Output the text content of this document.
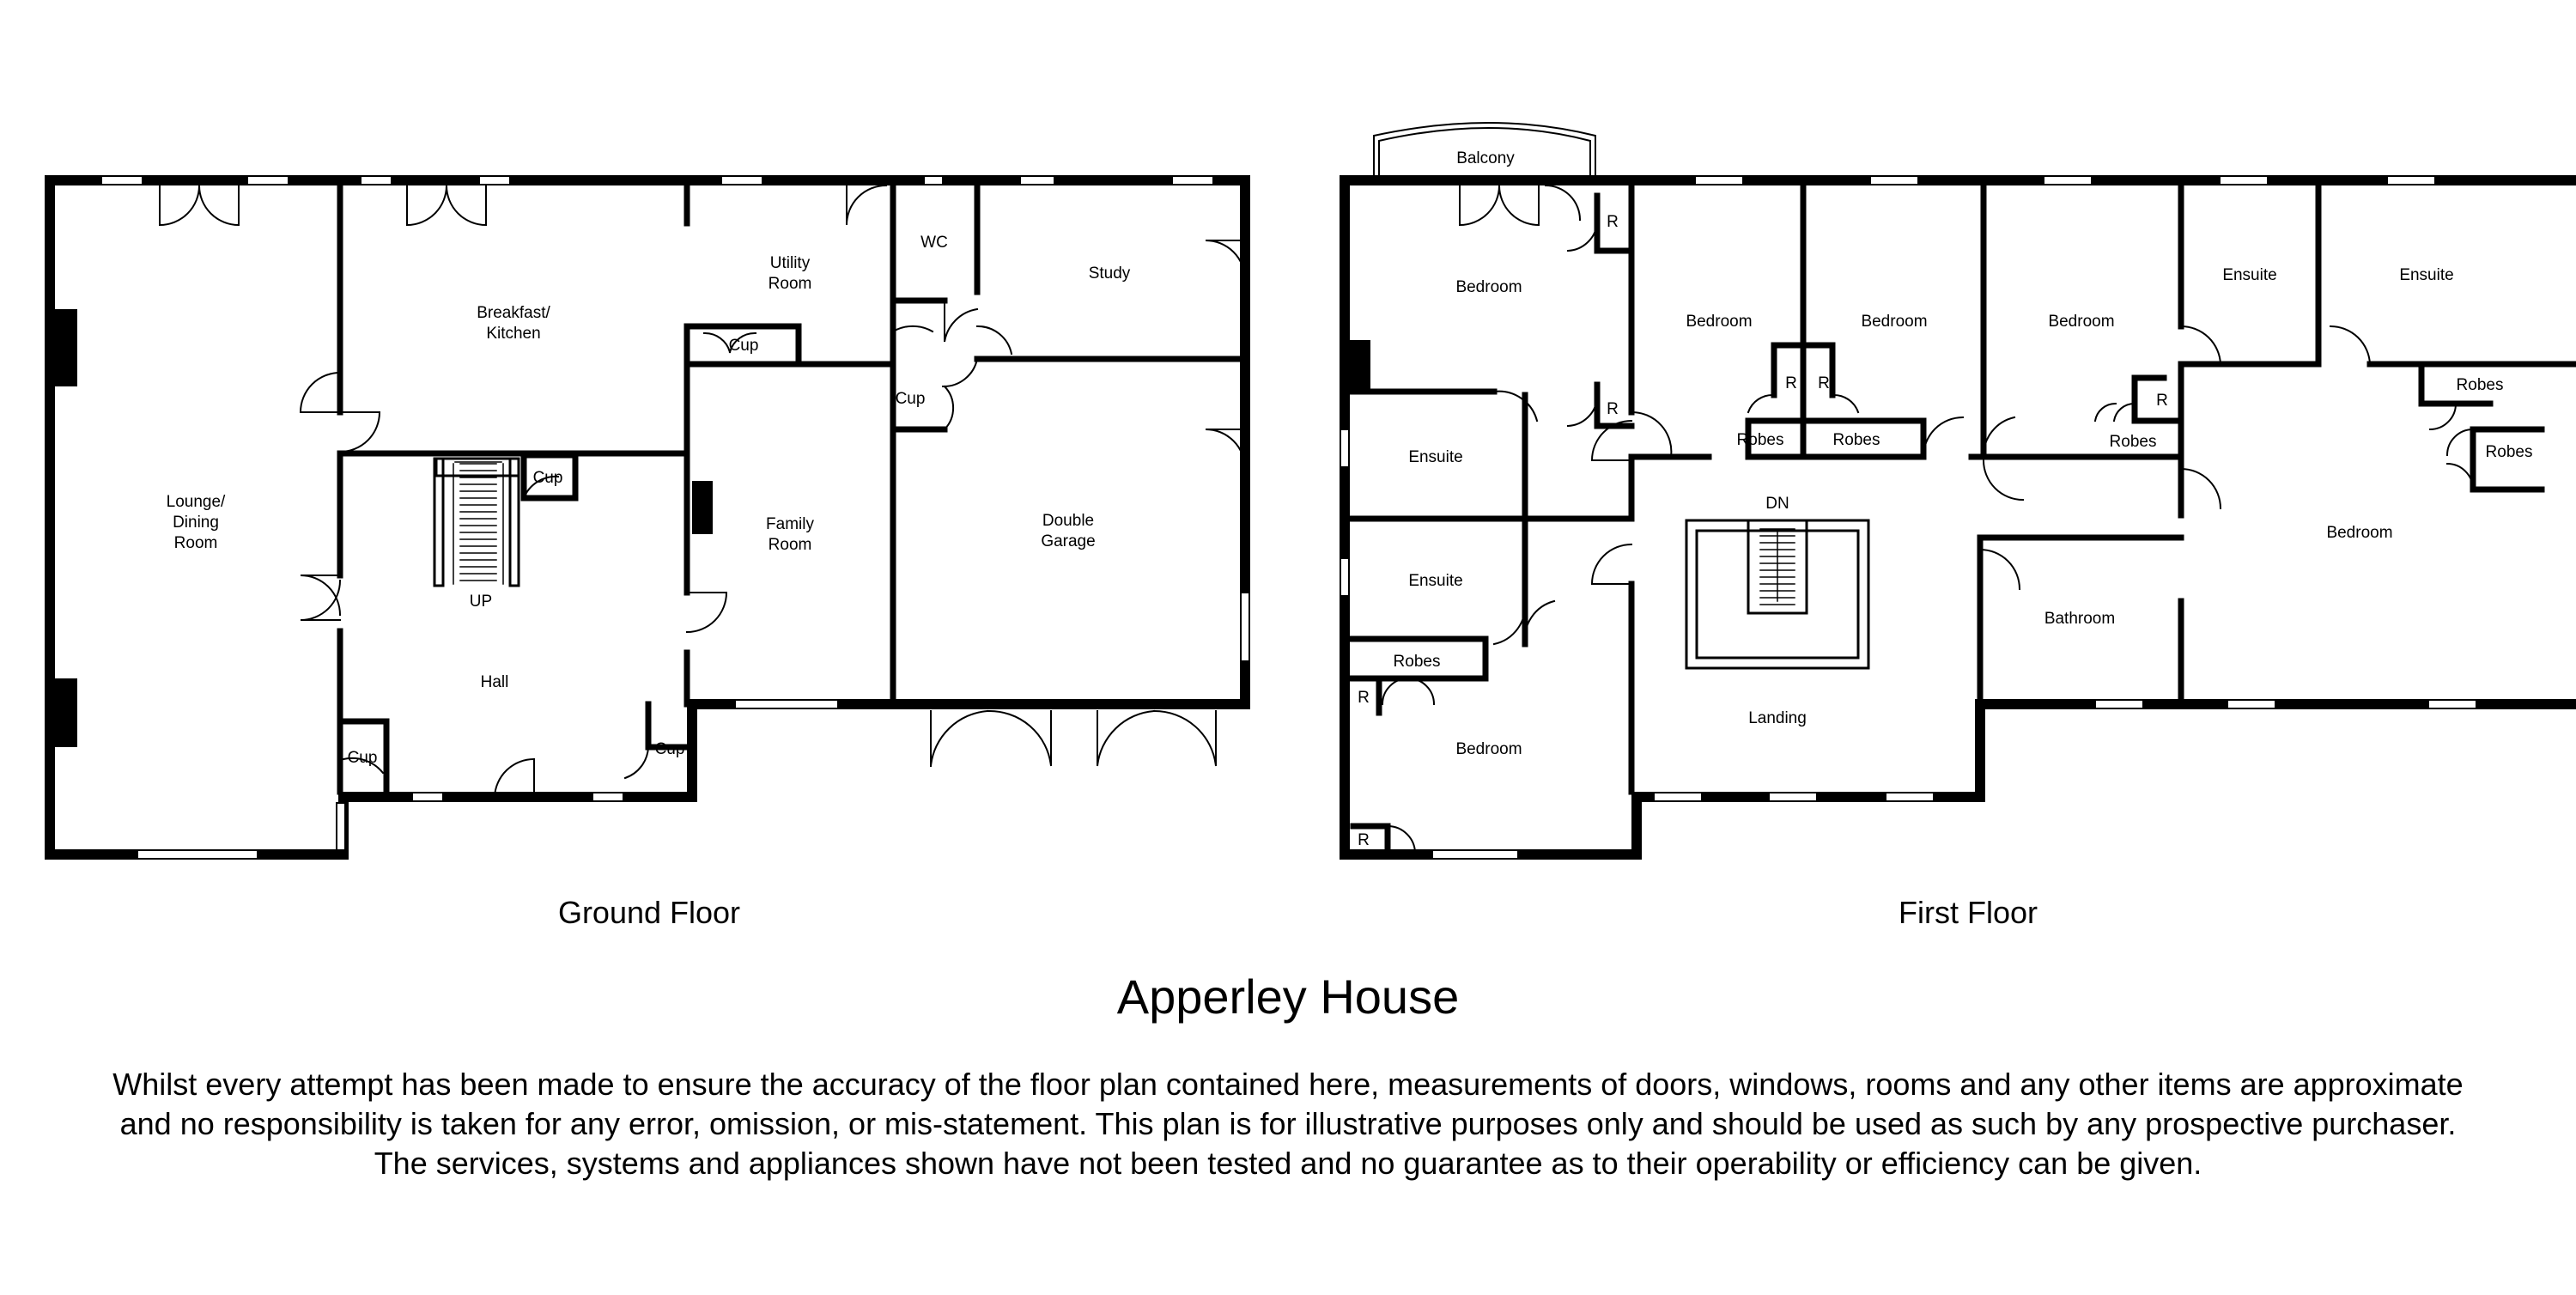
Lounge/ Dining Room
Breakfast/ Kitchen
Utility Room
Cup
WC
Study
Cup
Cup
UP
Family Room
Double Garage
Hall
Cup	Cup
Balcony
Bedroom
R
R
Ensuite
Ensuite
Robes
R
Bedroom
R
Bedroom	Bedroom
R R
Robes	Robes
Bedroom
R
Robes
Ensuite	Ensuite
Robes
Robes
DN
Landing
Bathroom
Bedroom
Ground Floor	First Floor
Apperley House
Whilst every attempt has been made to ensure the accuracy of the floor plan contained here, measurements of doors, windows, rooms and any other items are approximate
and no responsibility is taken for any error, omission, or mis-statement. This plan is for illustrative purposes only and should be used as such by any prospective purchaser.
The services, systems and appliances shown have not been tested and no guarantee as to their operability or efficiency can be given.
